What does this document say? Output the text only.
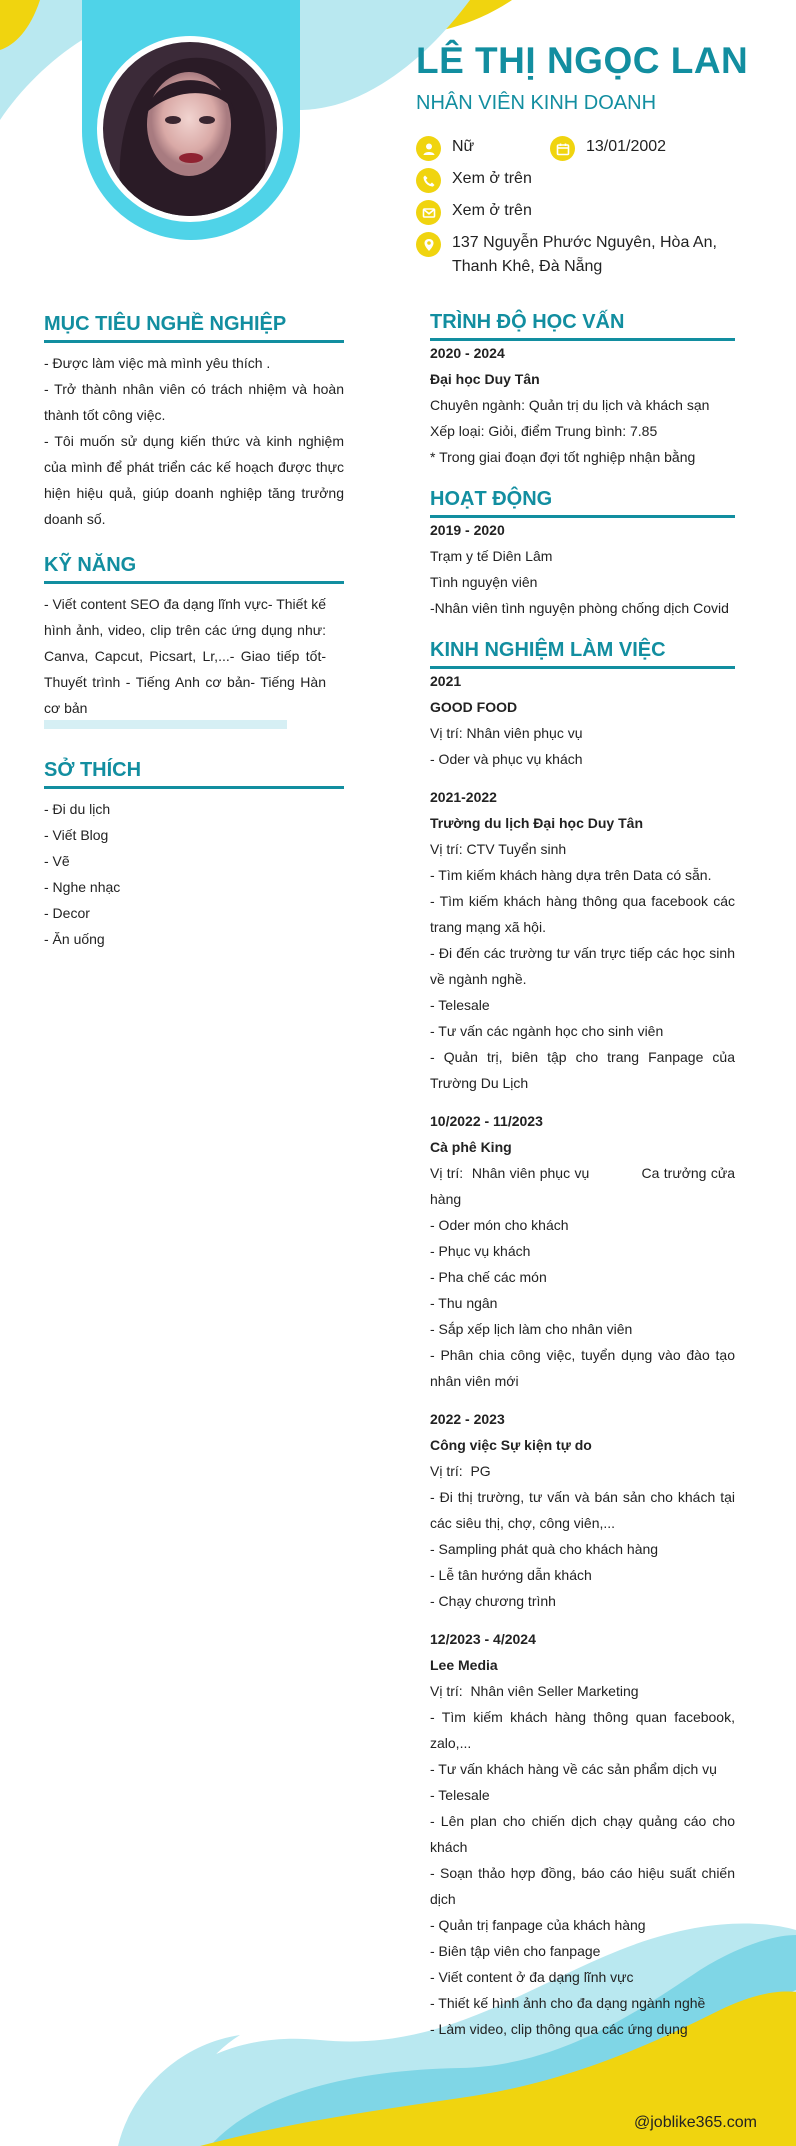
LÊ THỊ NGỌC LAN
NHÂN VIÊN KINH DOANH
Nữ	13/01/2002
Xem ở trên
Xem ở trên
137 Nguyễn Phước Nguyên, Hòa An, Thanh Khê, Đà Nẵng
MỤC TIÊU NGHỀ NGHIỆP

- Được làm việc mà mình yêu thích .

- Trở thành nhân viên có trách nhiệm và hoàn thành tốt công việc.

- Tôi muốn sử dụng kiến thức và kinh nghiệm của mình để phát triển các kế hoạch được thực hiện hiệu quả, giúp doanh nghiệp tăng trưởng doanh số.

KỸ NĂNG

- Viết content SEO đa dạng lĩnh vực- Thiết kế hình ảnh, video, clip trên các ứng dụng như: Canva, Capcut, Picsart, Lr,...- Giao tiếp tốt- Thuyết trình - Tiếng Anh cơ bản- Tiếng Hàn cơ bản

SỞ THÍCH

- Đi du lịch

- Viết Blog

- Vẽ

- Nghe nhạc

- Decor

- Ăn uống

TRÌNH ĐỘ HỌC VẤN

2020 - 2024

Đại học Duy Tân

Chuyên ngành: Quản trị du lịch và khách sạn

Xếp loại: Giỏi, điểm Trung bình: 7.85

* Trong giai đoạn đợi tốt nghiệp nhận bằng

HOẠT ĐỘNG

2019 - 2020

Trạm y tế Diên Lâm

Tình nguyện viên

-Nhân viên tình nguyện phòng chống dịch Covid

KINH NGHIỆM LÀM VIỆC

2021

GOOD FOOD

Vị trí: Nhân viên phục vụ

- Oder và phục vụ khách

2021-2022

Trường du lịch Đại học Duy Tân

Vị trí: CTV Tuyển sinh

- Tìm kiếm khách hàng dựa trên Data có sẵn.

- Tìm kiếm khách hàng thông qua facebook các trang mạng xã hội.

- Đi đến các trường tư vấn trực tiếp các học sinh về ngành nghề.

- Telesale

- Tư vấn các ngành học cho sinh viên

- Quản trị, biên tập cho trang Fanpage của Trường Du Lịch

10/2022 - 11/2023

Cà phê King

Vị trí:  Nhân viên phục vụ            Ca trưởng cửa hàng

- Oder món cho khách

- Phục vụ khách

- Pha chế các món

- Thu ngân

- Sắp xếp lịch làm cho nhân viên

- Phân chia công việc, tuyển dụng vào đào tạo nhân viên mới

2022 - 2023

Công việc Sự kiện tự do

Vị trí:  PG

- Đi thị trường, tư vấn và bán sản cho khách tại các siêu thị, chợ, công viên,...

- Sampling phát quà cho khách hàng

- Lễ tân hướng dẫn khách

- Chạy chương trình

12/2023 - 4/2024

Lee Media

Vị trí:  Nhân viên Seller Marketing

- Tìm kiếm khách hàng thông quan facebook, zalo,...

- Tư vấn khách hàng về các sản phẩm dịch vụ

- Telesale

- Lên plan cho chiến dịch chạy quảng cáo cho khách

- Soạn thảo hợp đồng, báo cáo hiệu suất chiến dịch

- Quản trị fanpage của khách hàng

- Biên tập viên cho fanpage

- Viết content ở đa dạng lĩnh vực

- Thiết kế hình ảnh cho đa dạng ngành nghề

- Làm video, clip thông qua các ứng dụng

@joblike365.com
